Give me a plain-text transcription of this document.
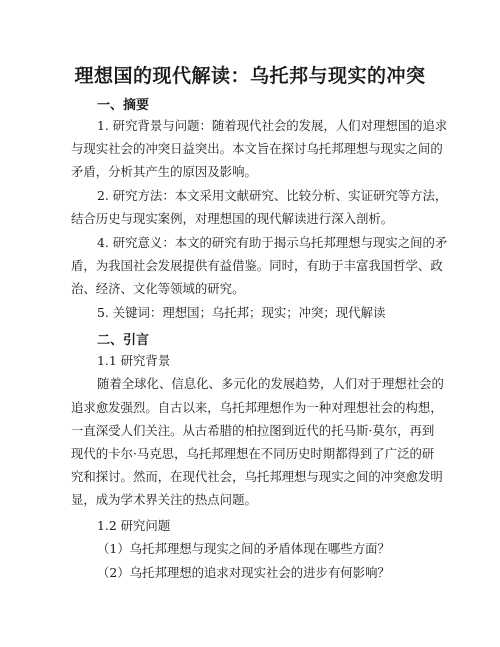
理想国的现代解读：乌托邦与现实的冲突
一、摘要
1. 研究背景与问题：随着现代社会的发展，人们对理想国的追求
与现实社会的冲突日益突出。本文旨在探讨乌托邦理想与现实之间的
矛盾，分析其产生的原因及影响。
2. 研究方法：本文采用文献研究、比较分析、实证研究等方法，
结合历史与现实案例，对理想国的现代解读进行深入剖析。
4. 研究意义：本文的研究有助于揭示乌托邦理想与现实之间的矛
盾，为我国社会发展提供有益借鉴。同时，有助于丰富我国哲学、政
治、经济、文化等领域的研究。
5. 关键词：理想国；乌托邦；现实；冲突；现代解读
二、引言
1.1 研究背景
随着全球化、信息化、多元化的发展趋势，人们对于理想社会的
追求愈发强烈。自古以来，乌托邦理想作为一种对理想社会的构想，
一直深受人们关注。从古希腊的柏拉图到近代的托马斯·莫尔，再到
现代的卡尔·马克思，乌托邦理想在不同历史时期都得到了广泛的研
究和探讨。然而，在现代社会，乌托邦理想与现实之间的冲突愈发明
显，成为学术界关注的热点问题。
1.2 研究问题
（1）乌托邦理想与现实之间的矛盾体现在哪些方面？
（2）乌托邦理想的追求对现实社会的进步有何影响？
